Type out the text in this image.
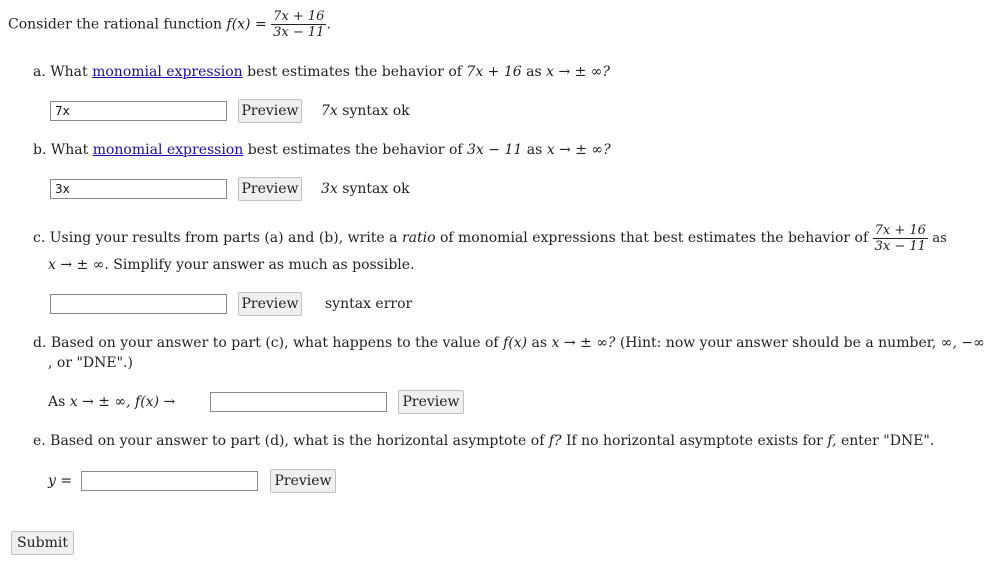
Consider the rational function $f(x) = \frac{7x + 16}{3x - 11}$ .
a. What monomial expression best estimates the behavior of 7x + 16 as x → ± ∞?
7x	Preview 7x syntax ok
b. What monomial expression best estimates the behavior of 3x − 11 as x → ± ∞?
3x	Preview 3x syntax ok
c. Using your results from parts (a) and (b), write a ratio of monomial expressions that best estimates the behavior of $\frac{7x + 16}{3x - 11}$ as
x → ± ∞. Simplify your answer as much as possible.
Preview syntax error
d. Based on your answer to part (c), what happens to the value of f(x) as x → ± ∞? (Hint: now your answer should be a number, ∞, −∞
, or "DNE".)
As x → ± ∞, f(x) →	Preview
e. Based on your answer to part (d), what is the horizontal asymptote of f? If no horizontal asymptote exists for f, enter "DNE".
y =	Preview
Submit
